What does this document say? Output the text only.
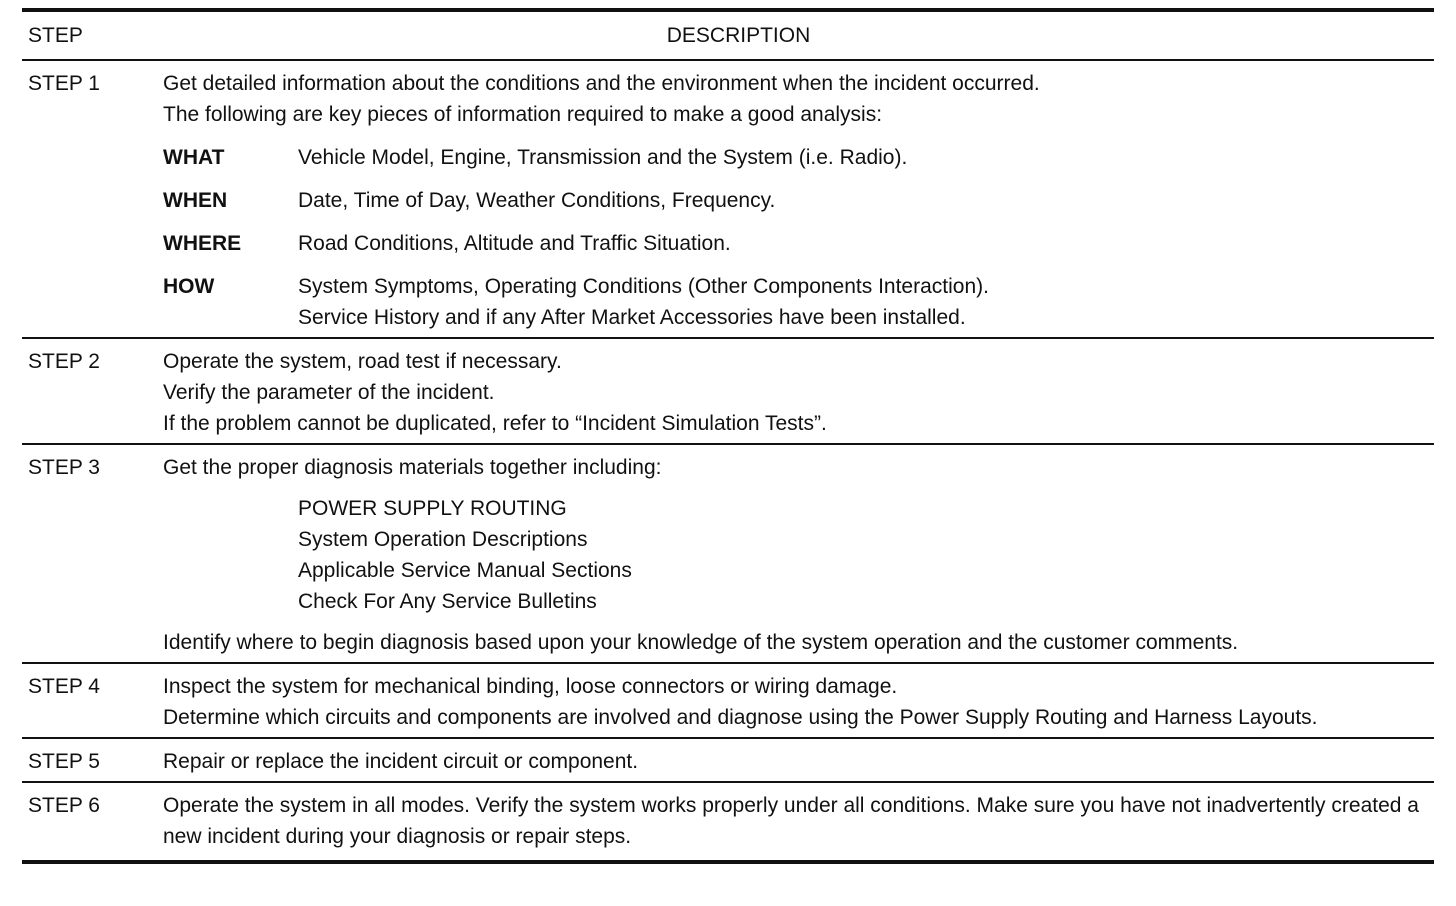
STEP	DESCRIPTION
STEP 1	Get detailed information about the conditions and the environment when the incident occurred.
The following are key pieces of information required to make a good analysis:
WHAT	Vehicle Model, Engine, Transmission and the System (i.e. Radio).
WHEN	Date, Time of Day, Weather Conditions, Frequency.
WHERE	Road Conditions, Altitude and Traffic Situation.
HOW	System Symptoms, Operating Conditions (Other Components Interaction).
Service History and if any After Market Accessories have been installed.
STEP 2	Operate the system, road test if necessary.
Verify the parameter of the incident.
If the problem cannot be duplicated, refer to “Incident Simulation Tests”.
STEP 3	Get the proper diagnosis materials together including:
POWER SUPPLY ROUTING
System Operation Descriptions
Applicable Service Manual Sections
Check For Any Service Bulletins
Identify where to begin diagnosis based upon your knowledge of the system operation and the customer comments.
STEP 4	Inspect the system for mechanical binding, loose connectors or wiring damage.
Determine which circuits and components are involved and diagnose using the Power Supply Routing and Harness Layouts.
STEP 5	Repair or replace the incident circuit or component.
STEP 6	Operate the system in all modes. Verify the system works properly under all conditions. Make sure you have not inadvertently created a new incident during your diagnosis or repair steps.
